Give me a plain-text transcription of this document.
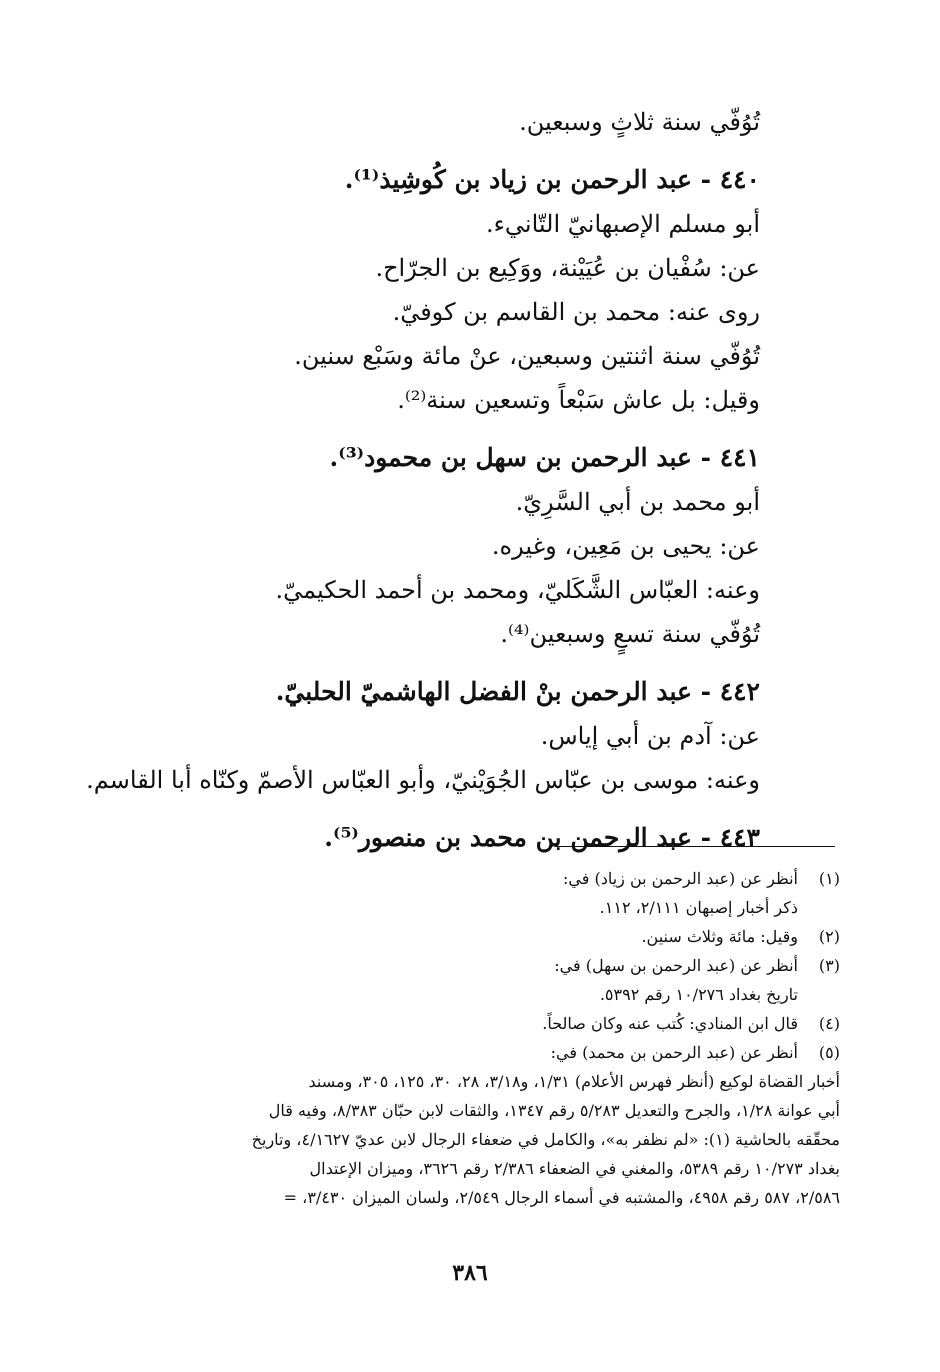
تُوُفّي سنة ثلاثٍ وسبعين.
٤٤٠ - عبد الرحمن بن زياد بن كُوشِيذ⁽¹⁾.
أبو مسلم الإصبهانيّ التّانيء.
عن: سُفْيان بن عُيَيْنة، ووَكِيع بن الجرّاح.
روى عنه: محمد بن القاسم بن كوفيّ.
تُوُفّي سنة اثنتين وسبعين، عنْ مائة وسَبْع سنين.
وقيل: بل عاش سَبْعاً وتسعين سنة⁽²⁾.
٤٤١ - عبد الرحمن بن سهل بن محمود⁽³⁾.
أبو محمد بن أبي السَّرِيّ.
عن: يحيى بن مَعِين، وغيره.
وعنه: العبّاس الشَّكَليّ، ومحمد بن أحمد الحكيميّ.
تُوُفّي سنة تسعٍ وسبعين⁽⁴⁾.
٤٤٢ - عبد الرحمن بنْ الفضل الهاشميّ الحلبيّ.
عن: آدم بن أبي إياس.
وعنه: موسى بن عبّاس الجُوَيْنيّ، وأبو العبّاس الأصمّ وكنّاه أبا القاسم.
٤٤٣ - عبد الرحمن بن محمد بن منصور⁽⁵⁾.
(١)
أنظر عن (عبد الرحمن بن زياد) في:
ذكر أخبار إصبهان ٢/١١١، ١١٢.
(٢)
وقيل: مائة وثلاث سنين.
(٣)
أنظر عن (عبد الرحمن بن سهل) في:
تاريخ بغداد ١٠/٢٧٦ رقم ٥٣٩٢.
(٤)
قال ابن المنادي: كُتب عنه وكان صالحاً.
(٥)
أنظر عن (عبد الرحمن بن محمد) في:
أخبار القضاة لوكيع (أنظر فهرس الأعلام) ١/٣١، و٣/١٨، ٢٨، ٣٠، ١٢٥، ٣٠٥، ومسند
أبي عوانة ١/٢٨، والجرح والتعديل ٥/٢٨٣ رقم ١٣٤٧، والثقات لابن حبّان ٨/٣٨٣، وفيه قال
محقّقه بالحاشية (١): «لم نظفر به»، والكامل في ضعفاء الرجال لابن عديّ ٤/١٦٢٧، وتاريخ
بغداد ١٠/٢٧٣ رقم ٥٣٨٩، والمغني في الضعفاء ٢/٣٨٦ رقم ٣٦٢٦، وميزان الإعتدال
٢/٥٨٦، ٥٨٧ رقم ٤٩٥٨، والمشتبه في أسماء الرجال ٢/٥٤٩، ولسان الميزان ٣/٤٣٠، =
٣٨٦
